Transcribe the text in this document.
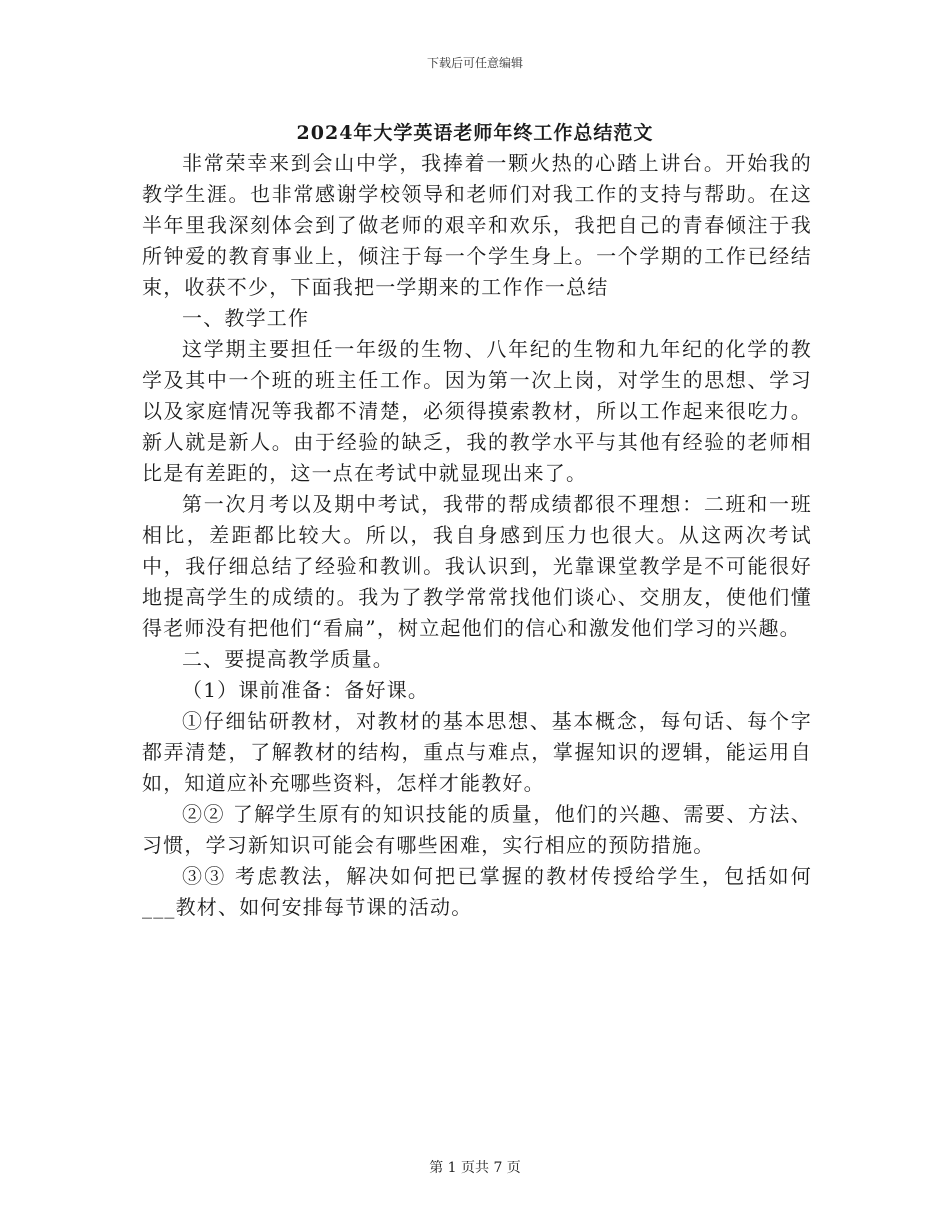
下载后可任意编辑
2024年大学英语老师年终工作总结范文

非常荣幸来到会山中学，我捧着一颗火热的心踏上讲台。开始我的教学生涯。也非常感谢学校领导和老师们对我工作的支持与帮助。在这半年里我深刻体会到了做老师的艰辛和欢乐，我把自己的青春倾注于我所钟爱的教育事业上，倾注于每一个学生身上。一个学期的工作已经结束，收获不少，下面我把一学期来的工作作一总结

一、教学工作

这学期主要担任一年级的生物、八年纪的生物和九年纪的化学的教学及其中一个班的班主任工作。因为第一次上岗，对学生的思想、学习以及家庭情况等我都不清楚，必须得摸索教材，所以工作起来很吃力。新人就是新人。由于经验的缺乏，我的教学水平与其他有经验的老师相比是有差距的，这一点在考试中就显现出来了。

第一次月考以及期中考试，我带的帮成绩都很不理想：二班和一班相比，差距都比较大。所以，我自身感到压力也很大。从这两次考试中，我仔细总结了经验和教训。我认识到，光靠课堂教学是不可能很好地提高学生的成绩的。我为了教学常常找他们谈心、交朋友，使他们懂得老师没有把他们“看扁”，树立起他们的信心和激发他们学习的兴趣。

二、要提高教学质量。

（1）课前准备：备好课。

①仔细钻研教材，对教材的基本思想、基本概念，每句话、每个字都弄清楚，了解教材的结构，重点与难点，掌握知识的逻辑，能运用自如，知道应补充哪些资料，怎样才能教好。

②② 了解学生原有的知识技能的质量，他们的兴趣、需要、方法、习惯，学习新知识可能会有哪些困难，实行相应的预防措施。

③③ 考虑教法，解决如何把已掌握的教材传授给学生，包括如何___教材、如何安排每节课的活动。

第 1 页共 7 页
